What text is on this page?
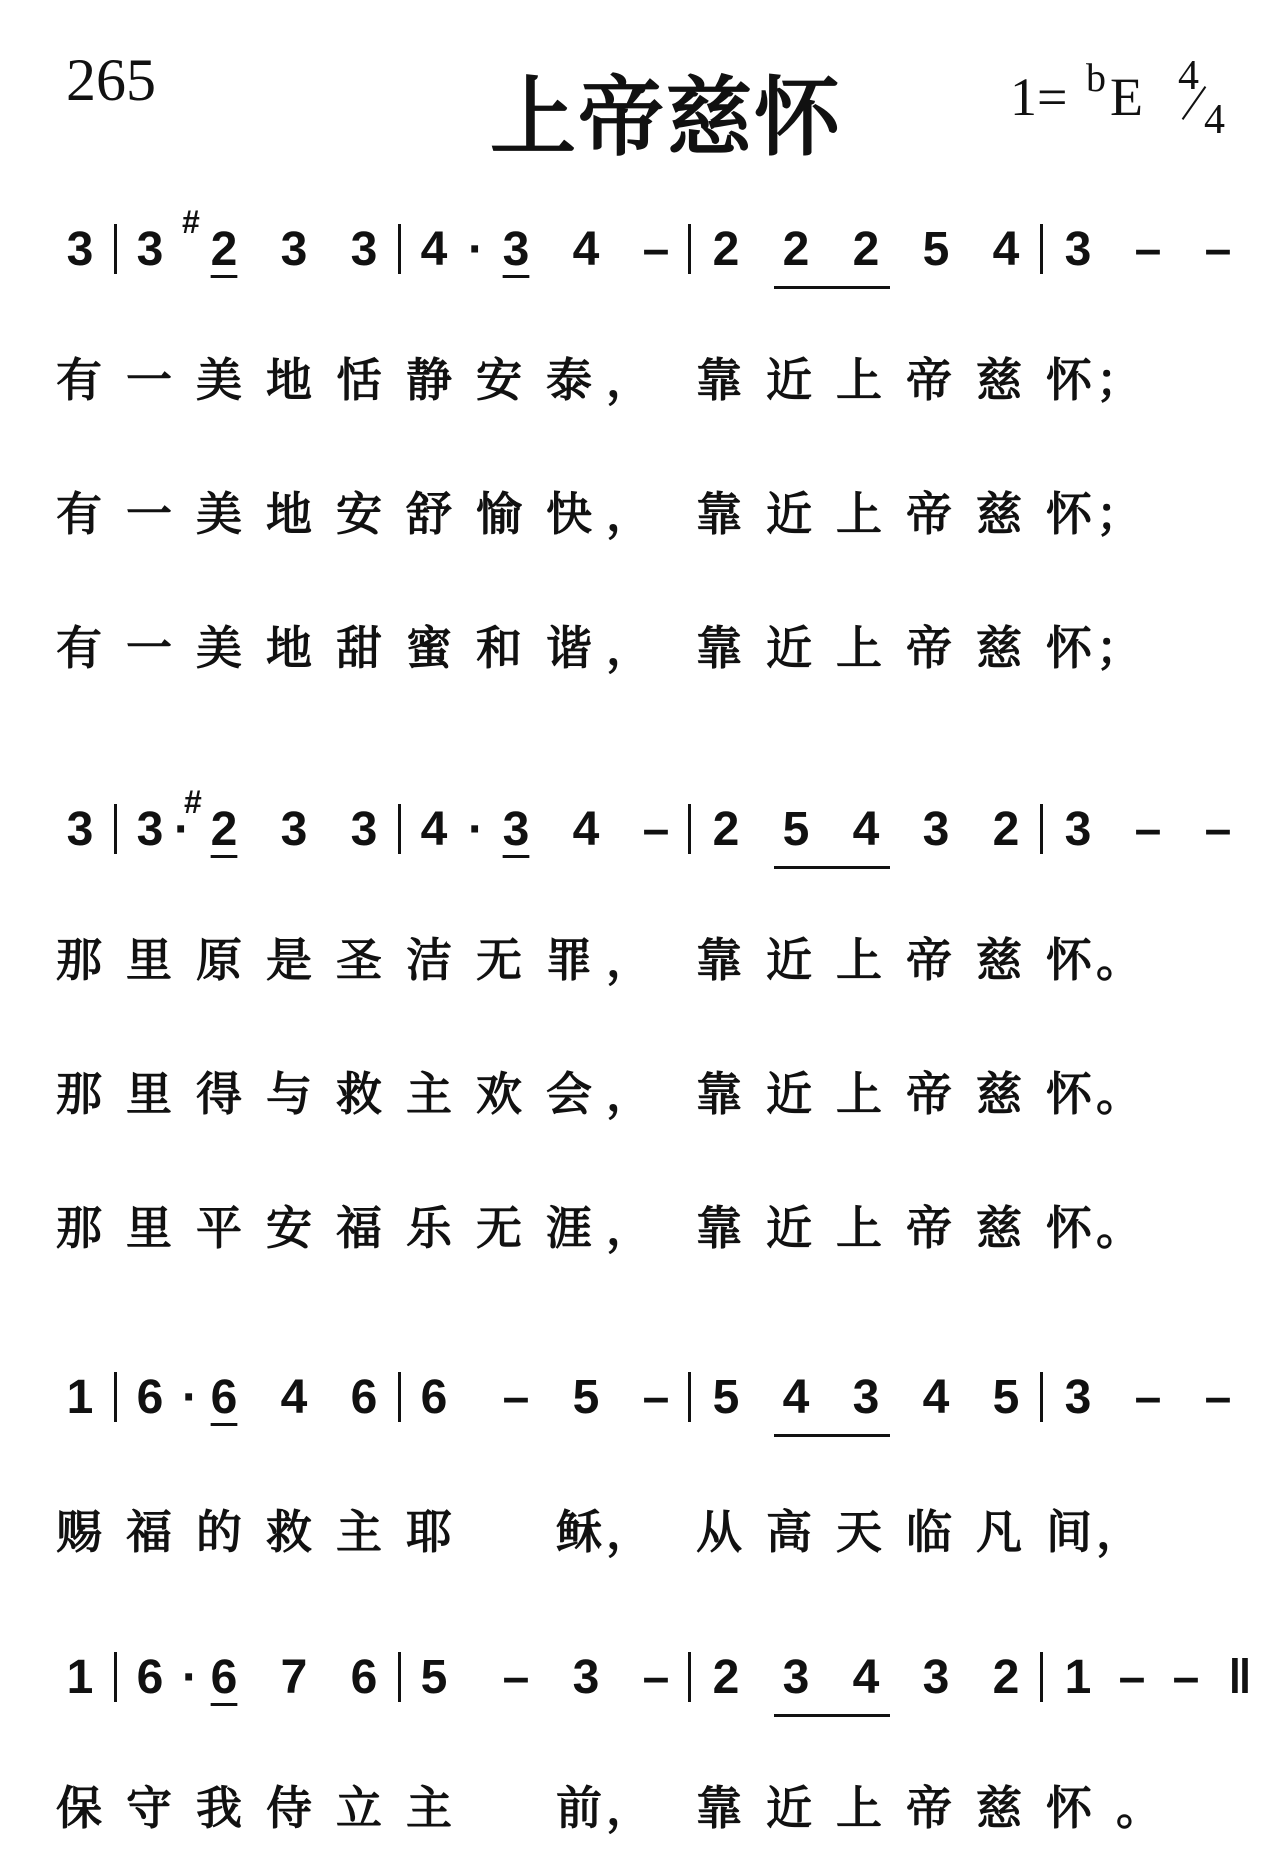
265	上帝慈怀	1= b E 4
4
3 3
#
2 3 3 4 · 3 4 – 2 2 2 5 4 3 – –
有 一 美 地 恬 静 安 泰 ， 靠 近 上 帝 慈 怀 ；
有 一 美 地 安 舒 愉 快 ， 靠 近 上 帝 慈 怀 ；
有 一 美 地 甜 蜜 和 谐 ， 靠 近 上 帝 慈 怀 ；
3 3 ·
#
2 3 3 4 · 3 4 – 2 5 4 3 2 3 – –
那 里 原 是 圣 洁 无 罪 ， 靠 近 上 帝 慈 怀 。
那 里 得 与 救 主 欢 会 ， 靠 近 上 帝 慈 怀 。
那 里 平 安 福 乐 无 涯 ， 靠 近 上 帝 慈 怀 。
1 6 · 6 4 6 6 – 5 – 5 4 3 4 5 3 – –
赐 福 的 救 主 耶 稣 ， 从 高 天 临 凡 间 ，
1 6 · 6 7 6 5 – 3 – 2 3 4 3 2 1 – – ‖
保 守 我 侍 立 主 前 ， 靠 近 上 帝 慈 怀 。
